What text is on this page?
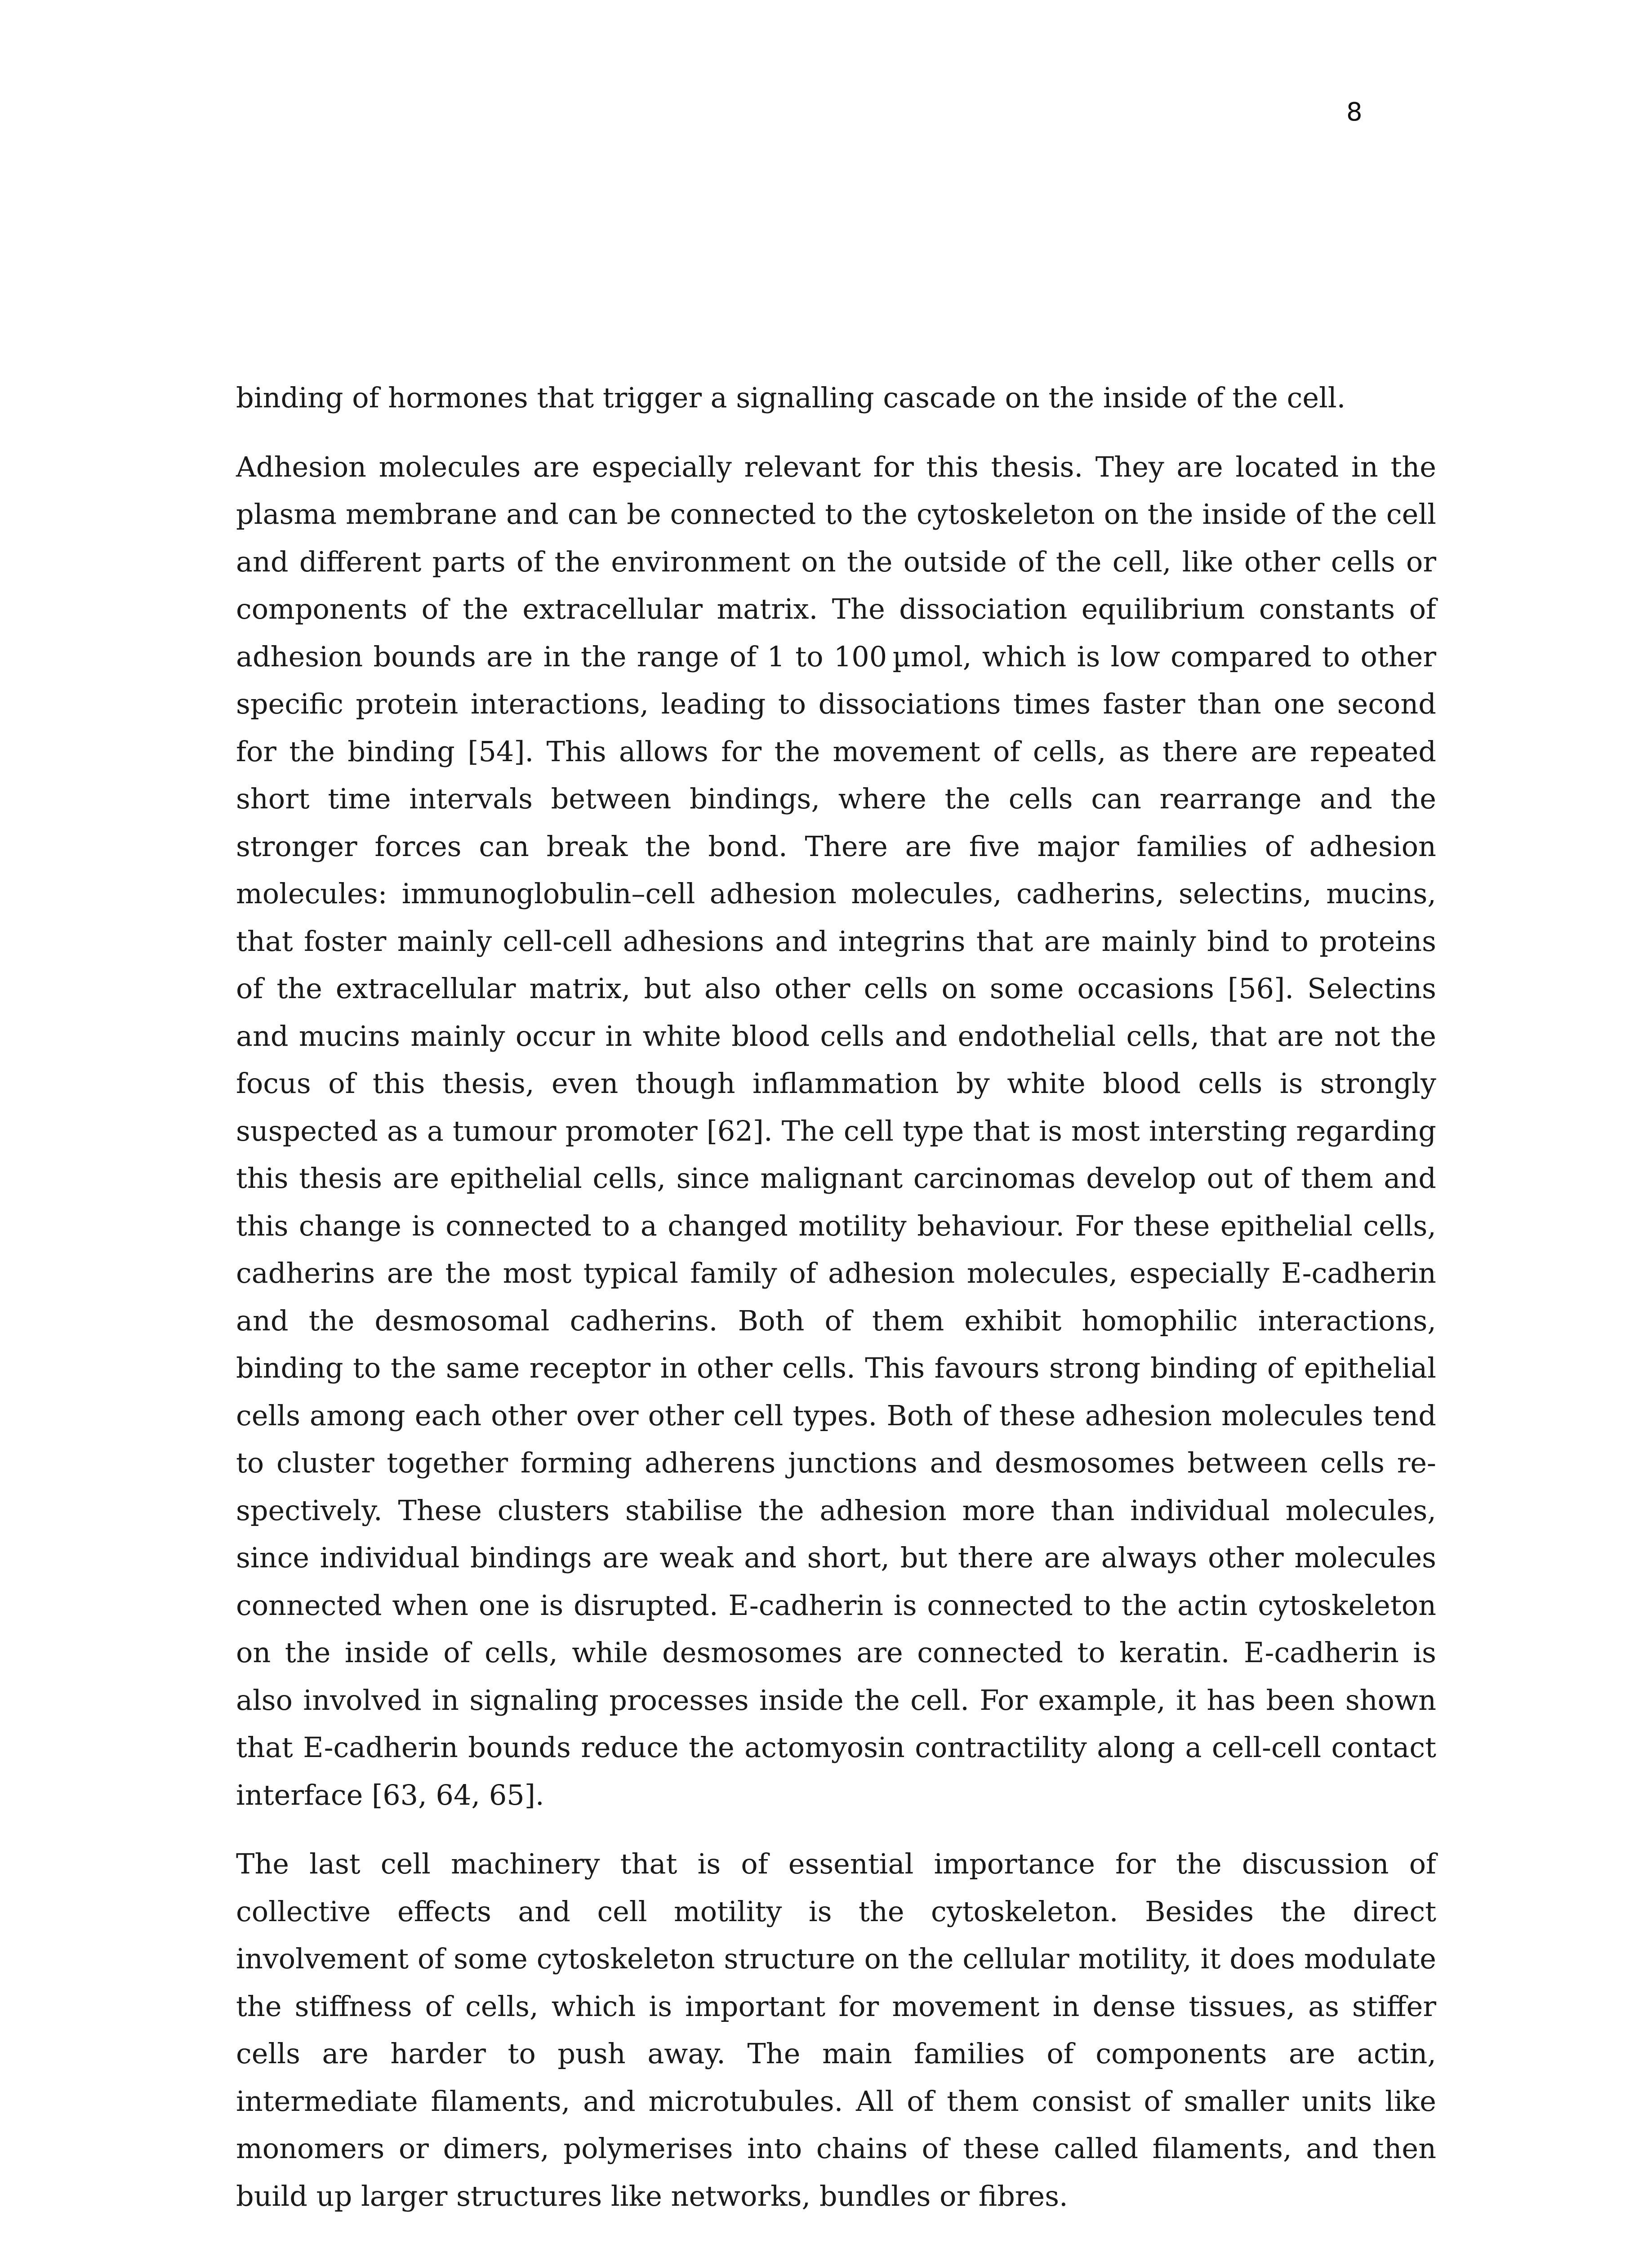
8

binding of hormones that trigger a signalling cascade on the inside of the cell.

Adhesion molecules are especially relevant for this thesis. They are located in the plasma membrane and can be connected to the cytoskeleton on the inside of the cell and different parts of the environment on the outside of the cell, like other cells or components of the extracellular matrix. The dissociation equilibrium constants of adhesion bounds are in the range of 1 to 100 µmol, which is low compared to other specific protein interactions, leading to dissociations times faster than one second for the binding [54]. This allows for the movement of cells, as there are repeated short time intervals between bindings, where the cells can rearrange and the stronger forces can break the bond. There are five major families of adhesion molecules: immunoglobulin–cell adhesion molecules, cadherins, selectins, mucins, that foster mainly cell-cell adhesions and integrins that are mainly bind to proteins of the extracellular matrix, but also other cells on some occasions [56]. Selectins and mucins mainly occur in white blood cells and endothelial cells, that are not the focus of this thesis, even though inflammation by white blood cells is strongly suspected as a tumour promoter [62]. The cell type that is most intersting regarding this thesis are epithelial cells, since malignant carcinomas develop out of them and this change is connected to a changed motility behaviour. For these epithelial cells, cadherins are the most typical family of adhesion molecules, especially E-cadherin and the desmosomal cadherins. Both of them exhibit homophilic interactions, binding to the same receptor in other cells. This favours strong binding of epithelial cells among each other over other cell types. Both of these adhesion molecules tend to cluster together forming adherens junctions and desmosomes between cells respectively. These clusters stabilise the adhesion more than individual molecules, since individual bindings are weak and short, but there are always other molecules connected when one is disrupted. E-cadherin is connected to the actin cytoskeleton on the inside of cells, while desmosomes are connected to keratin. E-cadherin is also involved in signaling processes inside the cell. For example, it has been shown that E-cadherin bounds reduce the actomyosin contractility along a cell-cell contact interface [63, 64, 65].

The last cell machinery that is of essential importance for the discussion of collective effects and cell motility is the cytoskeleton. Besides the direct involvement of some cytoskeleton structure on the cellular motility, it does modulate the stiffness of cells, which is important for movement in dense tissues, as stiffer cells are harder to push away. The main families of components are actin, intermediate filaments, and microtubules. All of them consist of smaller units like monomers or dimers, polymerises into chains of these called filaments, and then build up larger structures like networks, bundles or fibres.
